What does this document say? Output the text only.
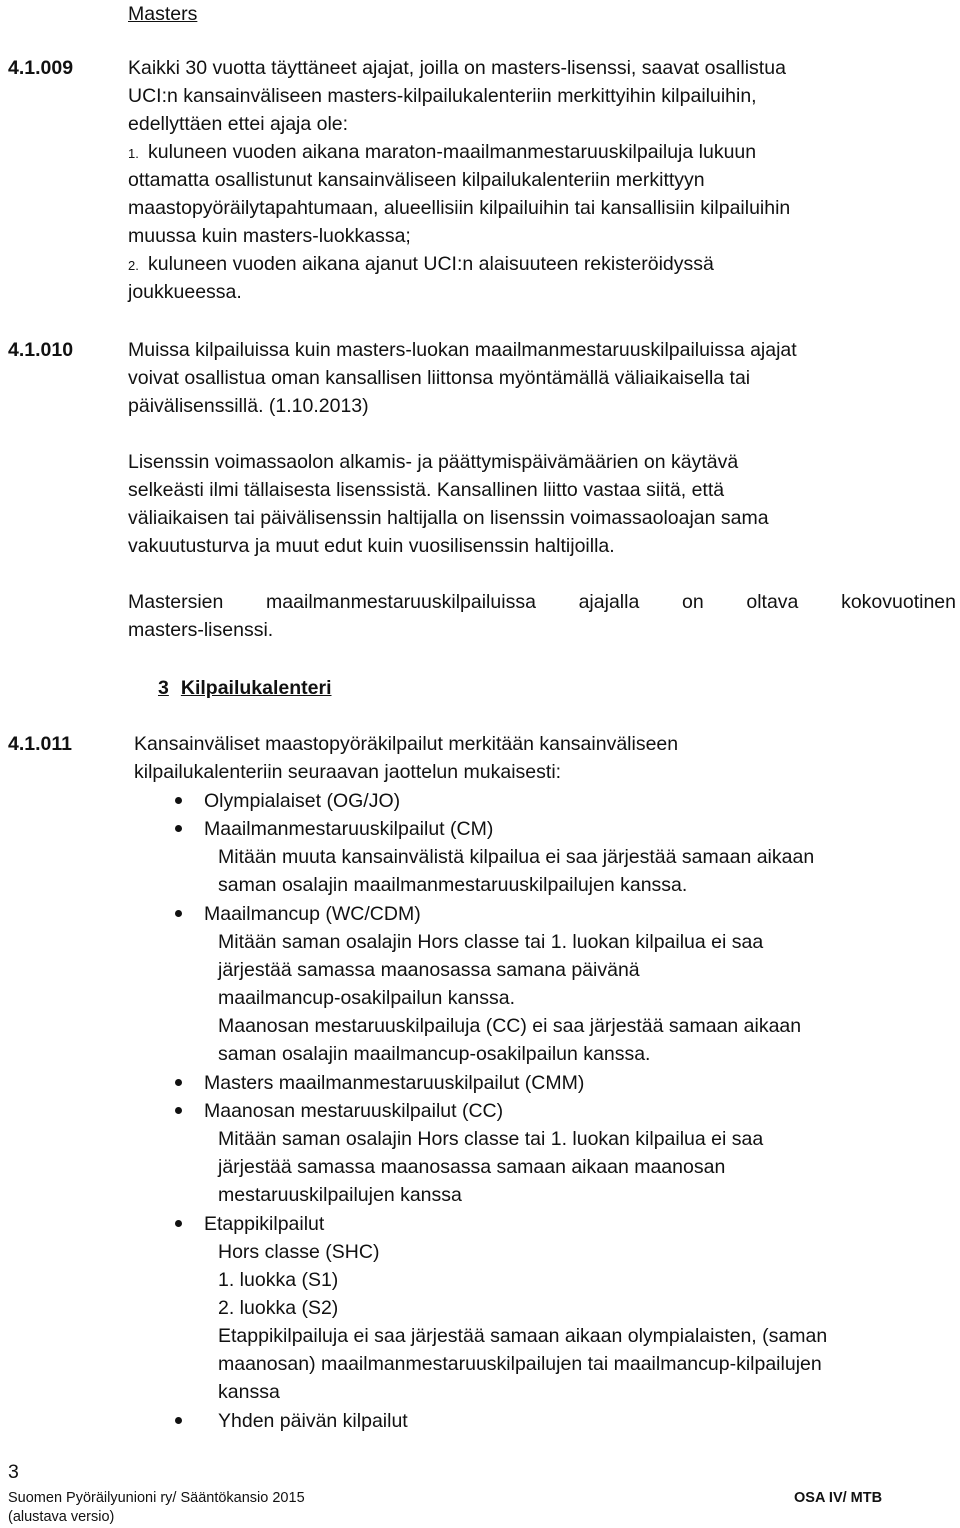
Masters
4.1.009	Kaikki 30 vuotta täyttäneet ajajat, joilla on masters-lisenssi, saavat osallistua
UCI:n kansainväliseen masters-kilpailukalenteriin merkittyihin kilpailuihin,
edellyttäen ettei ajaja ole:
1. kuluneen vuoden aikana maraton-maailmanmestaruuskilpailuja lukuun
ottamatta osallistunut kansainväliseen kilpailukalenteriin merkittyyn
maastopyöräilytapahtumaan, alueellisiin kilpailuihin tai kansallisiin kilpailuihin
muussa kuin masters-luokkassa;
2. kuluneen vuoden aikana ajanut UCI:n alaisuuteen rekisteröidyssä
joukkueessa.
4.1.010	Muissa kilpailuissa kuin masters-luokan maailmanmestaruuskilpailuissa ajajat
voivat osallistua oman kansallisen liittonsa myöntämällä väliaikaisella tai
päivälisenssillä. (1.10.2013)
Lisenssin voimassaolon alkamis- ja päättymispäivämäärien on käytävä
selkeästi ilmi tällaisesta lisenssistä. Kansallinen liitto vastaa siitä, että
väliaikaisen tai päivälisenssin haltijalla on lisenssin voimassaoloajan sama
vakuutusturva ja muut edut kuin vuosilisenssin haltijoilla.
Mastersien maailmanmestaruuskilpailuissa ajajalla on oltava kokovuotinen
masters-lisenssi.
3 Kilpailukalenteri
4.1.011	Kansainväliset maastopyöräkilpailut merkitään kansainväliseen
kilpailukalenteriin seuraavan jaottelun mukaisesti:
Olympialaiset (OG/JO)
Maailmanmestaruuskilpailut (CM)
Mitään muuta kansainvälistä kilpailua ei saa järjestää samaan aikaan
saman osalajin maailmanmestaruuskilpailujen kanssa.
Maailmancup (WC/CDM)
Mitään saman osalajin Hors classe tai 1. luokan kilpailua ei saa
järjestää samassa maanosassa samana päivänä
maailmancup-osakilpailun kanssa.
Maanosan mestaruuskilpailuja (CC) ei saa järjestää samaan aikaan
saman osalajin maailmancup-osakilpailun kanssa.
Masters maailmanmestaruuskilpailut (CMM)
Maanosan mestaruuskilpailut (CC)
Mitään saman osalajin Hors classe tai 1. luokan kilpailua ei saa
järjestää samassa maanosassa samaan aikaan maanosan
mestaruuskilpailujen kanssa
Etappikilpailut
Hors classe (SHC)
1. luokka (S1)
2. luokka (S2)
Etappikilpailuja ei saa järjestää samaan aikaan olympialaisten, (saman
maanosan) maailmanmestaruuskilpailujen tai maailmancup-kilpailujen
kanssa
Yhden päivän kilpailut
3
Suomen Pyöräilyunioni ry/ Sääntökansio 2015
(alustava versio)
OSA IV/ MTB
